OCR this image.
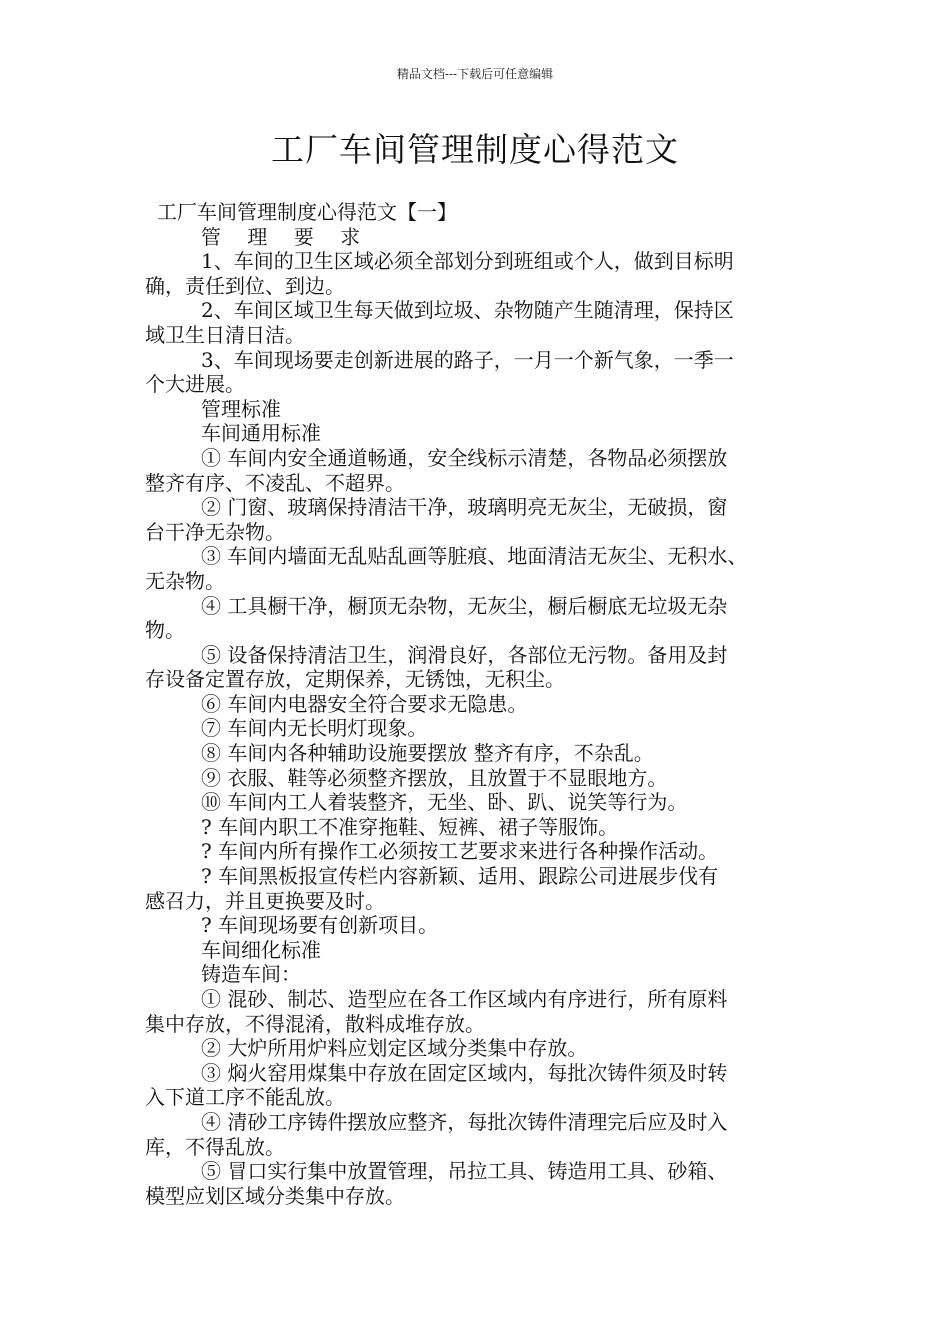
精品文档---下载后可任意编辑
工厂车间管理制度心得范文
工厂车间管理制度心得范文【一】
管 理 要 求
1、车间的卫生区域必须全部划分到班组或个人，做到目标明
确，责任到位、到边。
2、车间区域卫生每天做到垃圾、杂物随产生随清理，保持区
域卫生日清日洁。
3、车间现场要走创新进展的路子，一月一个新气象，一季一
个大进展。
管理标准
车间通用标准
① 车间内安全通道畅通，安全线标示清楚，各物品必须摆放
整齐有序、不凌乱、不超界。
② 门窗、玻璃保持清洁干净，玻璃明亮无灰尘，无破损，窗
台干净无杂物。
③ 车间内墙面无乱贴乱画等脏痕、地面清洁无灰尘、无积水、
无杂物。
④ 工具橱干净，橱顶无杂物，无灰尘，橱后橱底无垃圾无杂
物。
⑤ 设备保持清洁卫生，润滑良好，各部位无污物。备用及封
存设备定置存放，定期保养，无锈蚀，无积尘。
⑥ 车间内电器安全符合要求无隐患。
⑦ 车间内无长明灯现象。
⑧ 车间内各种辅助设施要摆放 整齐有序，不杂乱。
⑨ 衣服、鞋等必须整齐摆放，且放置于不显眼地方。
⑩ 车间内工人着装整齐，无坐、卧、趴、说笑等行为。
? 车间内职工不准穿拖鞋、短裤、裙子等服饰。
? 车间内所有操作工必须按工艺要求来进行各种操作活动。
? 车间黑板报宣传栏内容新颖、适用、跟踪公司进展步伐有
感召力，并且更换要及时。
? 车间现场要有创新项目。
车间细化标准
铸造车间：
① 混砂、制芯、造型应在各工作区域内有序进行，所有原料
集中存放，不得混淆，散料成堆存放。
② 大炉所用炉料应划定区域分类集中存放。
③ 焖火窑用煤集中存放在固定区域内，每批次铸件须及时转
入下道工序不能乱放。
④ 清砂工序铸件摆放应整齐，每批次铸件清理完后应及时入
库，不得乱放。
⑤ 冒口实行集中放置管理，吊拉工具、铸造用工具、砂箱、
模型应划区域分类集中存放。
